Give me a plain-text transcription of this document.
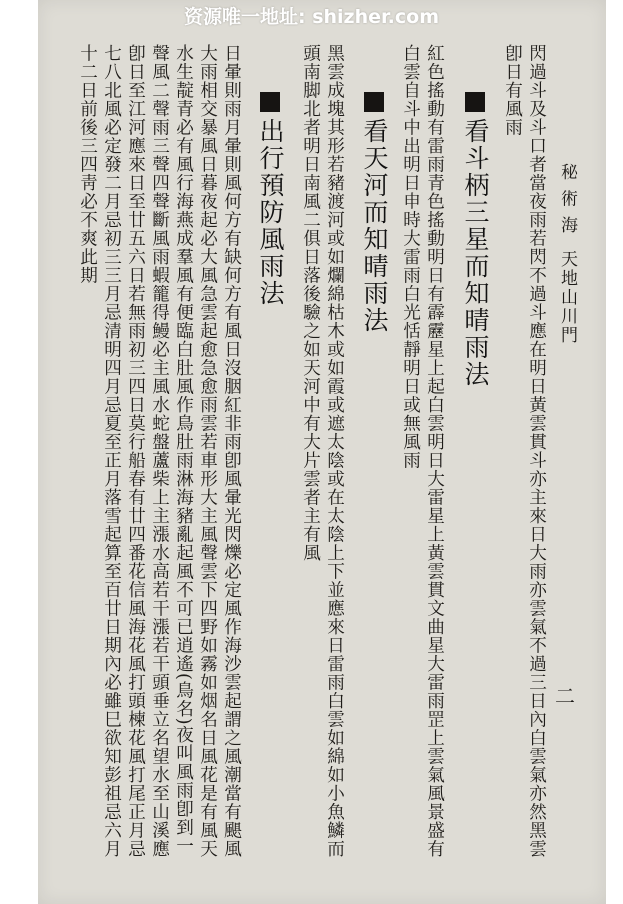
资源唯一地址: shizher.com
秘 術 海
天地山川門
二
閃過斗及斗口者當夜雨若閃不過斗應在明日黃雲貫斗亦主來日大雨亦雲氣不過三日內白雲氣亦然黑雲
卽日有風雨
看斗柄三星而知晴雨法
紅色搖動有雷雨青色搖動明日有霹靂星上起白雲明日大雷星上黃雲貫文曲星大雷雨罡上雲氣風景盛有
白雲自斗中出明日申時大雷雨白光恬靜明日或無風雨
看天河而知晴雨法
黑雲成塊其形若豬渡河或如爛綿枯木或如霞或遮太陰或在太陰上下並應來日雷雨白雲如綿如小魚鱗而
頭南脚北者明日南風二俱日落後驗之如天河中有大片雲者主有風
出行預防風雨法
日暈則雨月暈則風何方有缺何方有風日沒胭紅非雨卽風暈光閃爍必定風作海沙雲起謂之風潮當有颶風
大雨相交暴風日暮夜起必大風急雲起愈急愈雨雲若車形大主風聲雲下四野如霧如烟名日風花是有風天
水生靛青必有風行海燕成羣風有便臨白肚風作鳥肚雨淋海豬亂起風不可已逍遙(鳥名)夜叫風雨卽到一
聲風二聲雨三聲四聲斷風雨蝦籠得鰻必主風水蛇盤蘆柴上主漲水高若干漲若干頭垂立名望水至山溪應
卽日至江河應來日至廿五六日若無雨初三四日莫行船春有廿四番花信風海花風打頭楝花風打尾正月忌
七八北風必定發二月忌初三三月忌清明四月忌夏至正月落雪起算至百廿日期內必雖巳欲知彭祖忌六月
十二日前後三四靑必不爽此期
